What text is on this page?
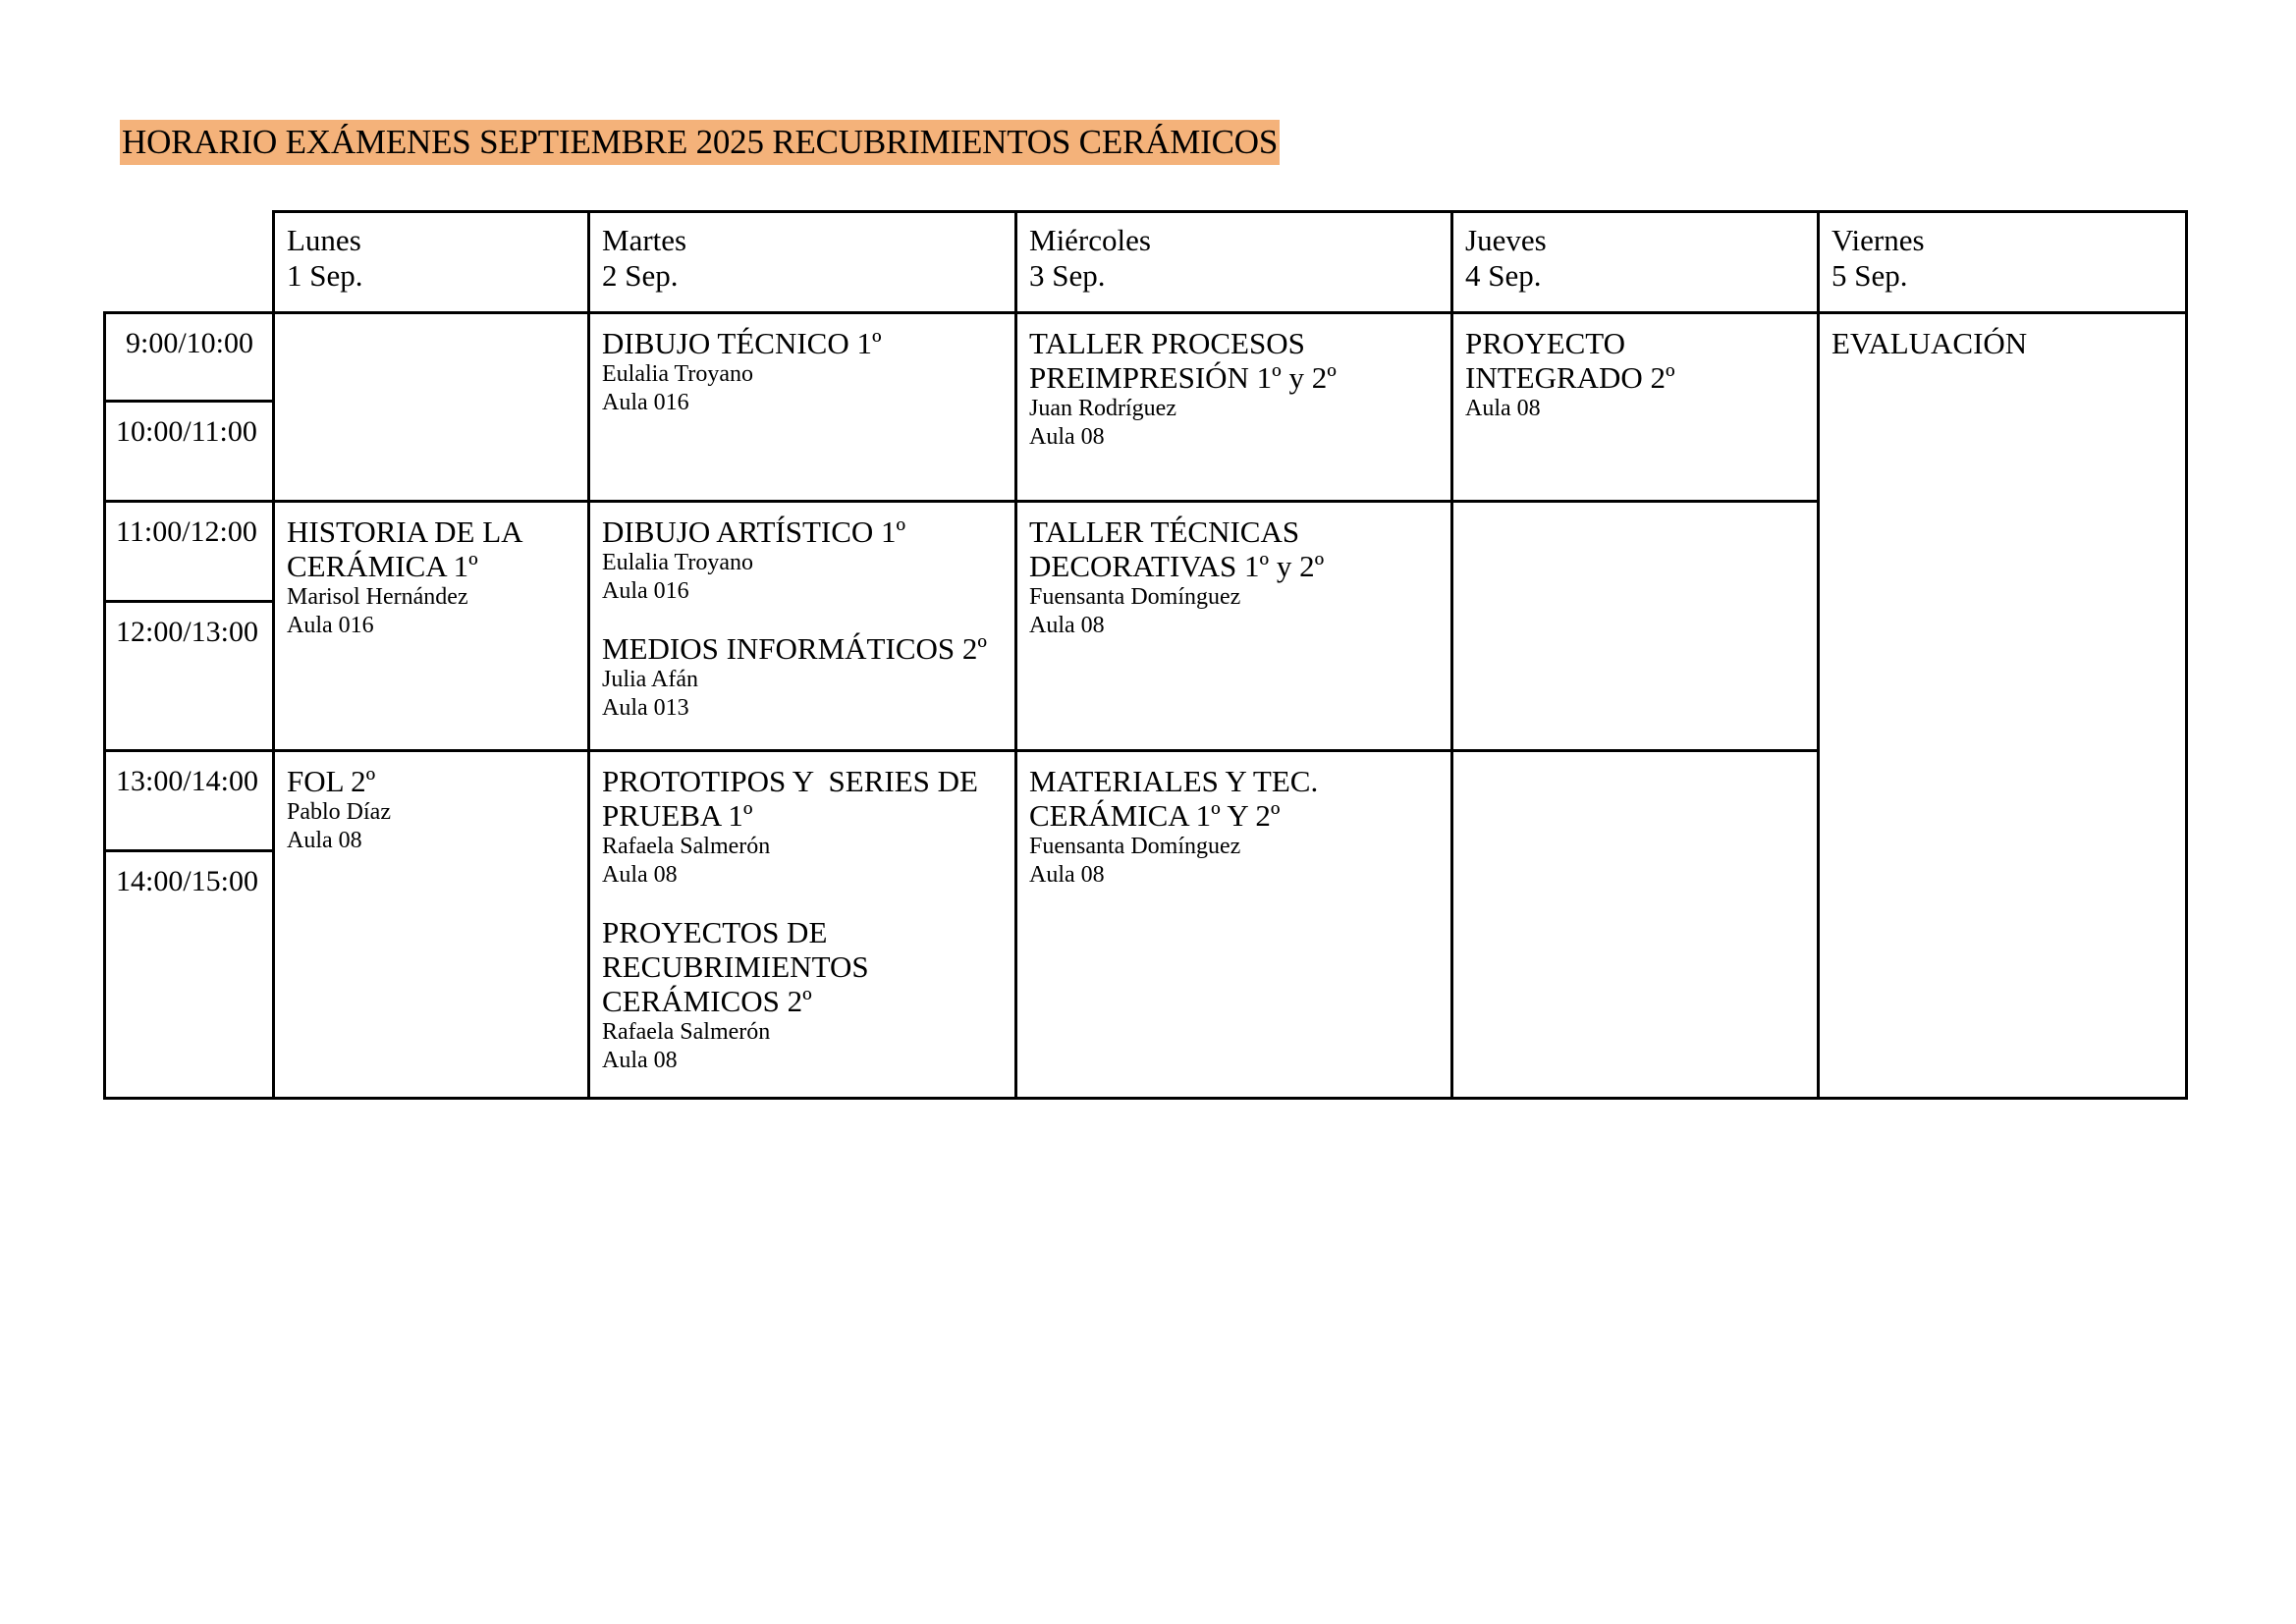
HORARIO EXÁMENES SEPTIEMBRE 2025 RECUBRIMIENTOS CERÁMICOS
Lunes
1 Sep.
Martes
2 Sep.
Miércoles
3 Sep.
Jueves
4 Sep.
Viernes
5 Sep.
9:00/10:00
10:00/11:00
11:00/12:00
12:00/13:00
13:00/14:00
14:00/15:00
DIBUJO TÉCNICO 1º
Eulalia Troyano
Aula 016
TALLER PROCESOS PREIMPRESIÓN 1º y 2º
Juan Rodríguez
Aula 08
PROYECTO INTEGRADO 2º
Aula 08
HISTORIA DE LA CERÁMICA 1º
Marisol Hernández
Aula 016
DIBUJO ARTÍSTICO 1º
Eulalia Troyano
Aula 016
MEDIOS INFORMÁTICOS 2º
Julia Afán
Aula 013
TALLER TÉCNICAS DECORATIVAS 1º y 2º
Fuensanta Domínguez
Aula 08
FOL 2º
Pablo Díaz
Aula 08
PROTOTIPOS Y  SERIES DE PRUEBA 1º
Rafaela Salmerón
Aula 08
PROYECTOS DE RECUBRIMIENTOS CERÁMICOS 2º
Rafaela Salmerón
Aula 08
MATERIALES Y TEC. CERÁMICA 1º Y 2º
Fuensanta Domínguez
Aula 08
EVALUACIÓN
